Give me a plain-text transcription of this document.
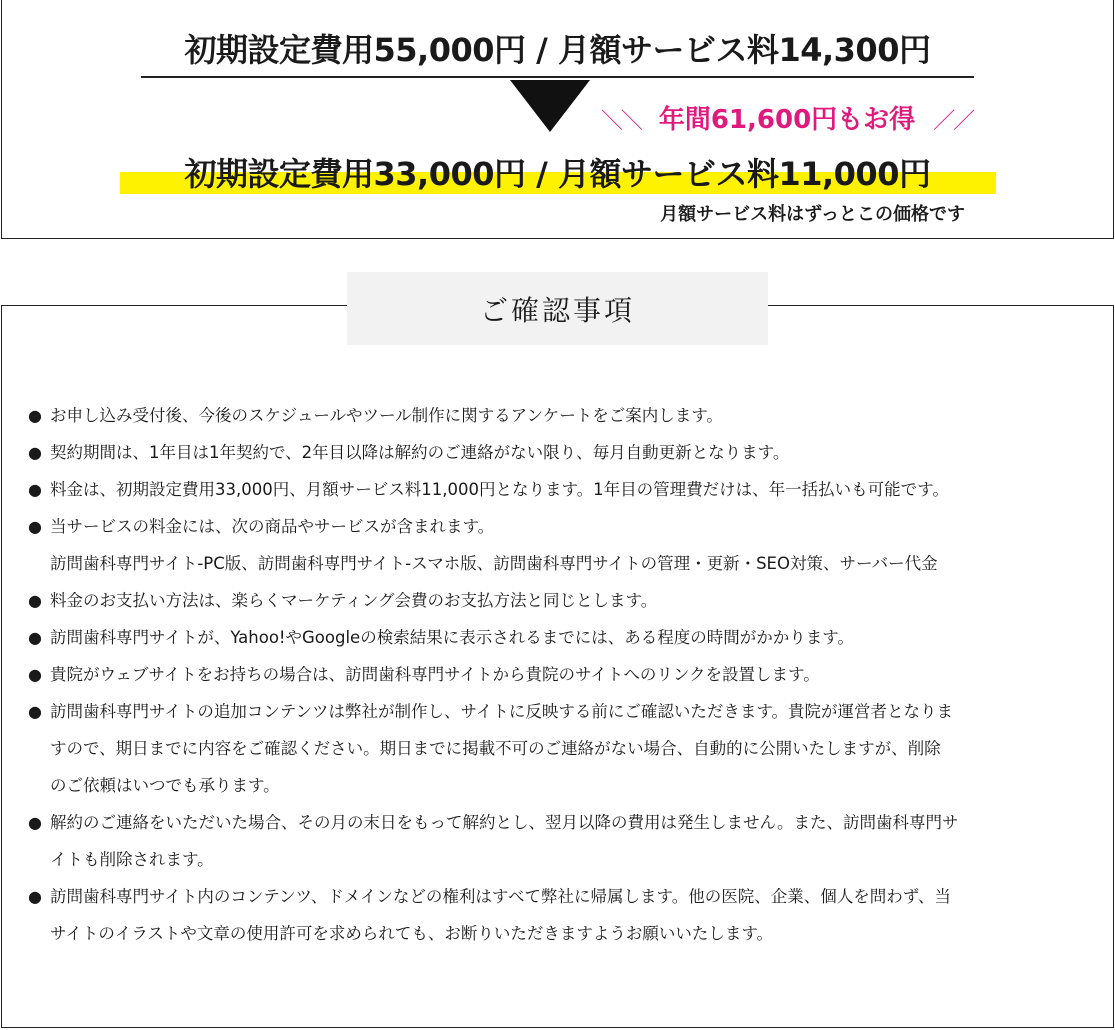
初期設定費用55,000円 / 月額サービス料14,300円
＼＼ 年間61,600円もお得 ／／
初期設定費用33,000円 / 月額サービス料11,000円
月額サービス料はずっとこの価格です
ご確認事項
● お申し込み受付後、今後のスケジュールやツール制作に関するアンケートをご案内します。
● 契約期間は、1年目は1年契約で、2年目以降は解約のご連絡がない限り、毎月自動更新となります。
● 料金は、初期設定費用33,000円、月額サービス料11,000円となります。1年目の管理費だけは、年一括払いも可能です。
● 当サービスの料金には、次の商品やサービスが含まれます。
訪問歯科専門サイト-PC版、訪問歯科専門サイト-スマホ版、訪問歯科専門サイトの管理・更新・SEO対策、サーバー代金
● 料金のお支払い方法は、楽らくマーケティング会費のお支払方法と同じとします。
● 訪問歯科専門サイトが、Yahoo!やGoogleの検索結果に表示されるまでには、ある程度の時間がかかります。
● 貴院がウェブサイトをお持ちの場合は、訪問歯科専門サイトから貴院のサイトへのリンクを設置します。
● 訪問歯科専門サイトの追加コンテンツは弊社が制作し、サイトに反映する前にご確認いただきます。貴院が運営者となりま
すので、期日までに内容をご確認ください。期日までに掲載不可のご連絡がない場合、自動的に公開いたしますが、削除
のご依頼はいつでも承ります。
● 解約のご連絡をいただいた場合、その月の末日をもって解約とし、翌月以降の費用は発生しません。また、訪問歯科専門サ
イトも削除されます。
● 訪問歯科専門サイト内のコンテンツ、ドメインなどの権利はすべて弊社に帰属します。他の医院、企業、個人を問わず、当
サイトのイラストや文章の使用許可を求められても、お断りいただきますようお願いいたします。
